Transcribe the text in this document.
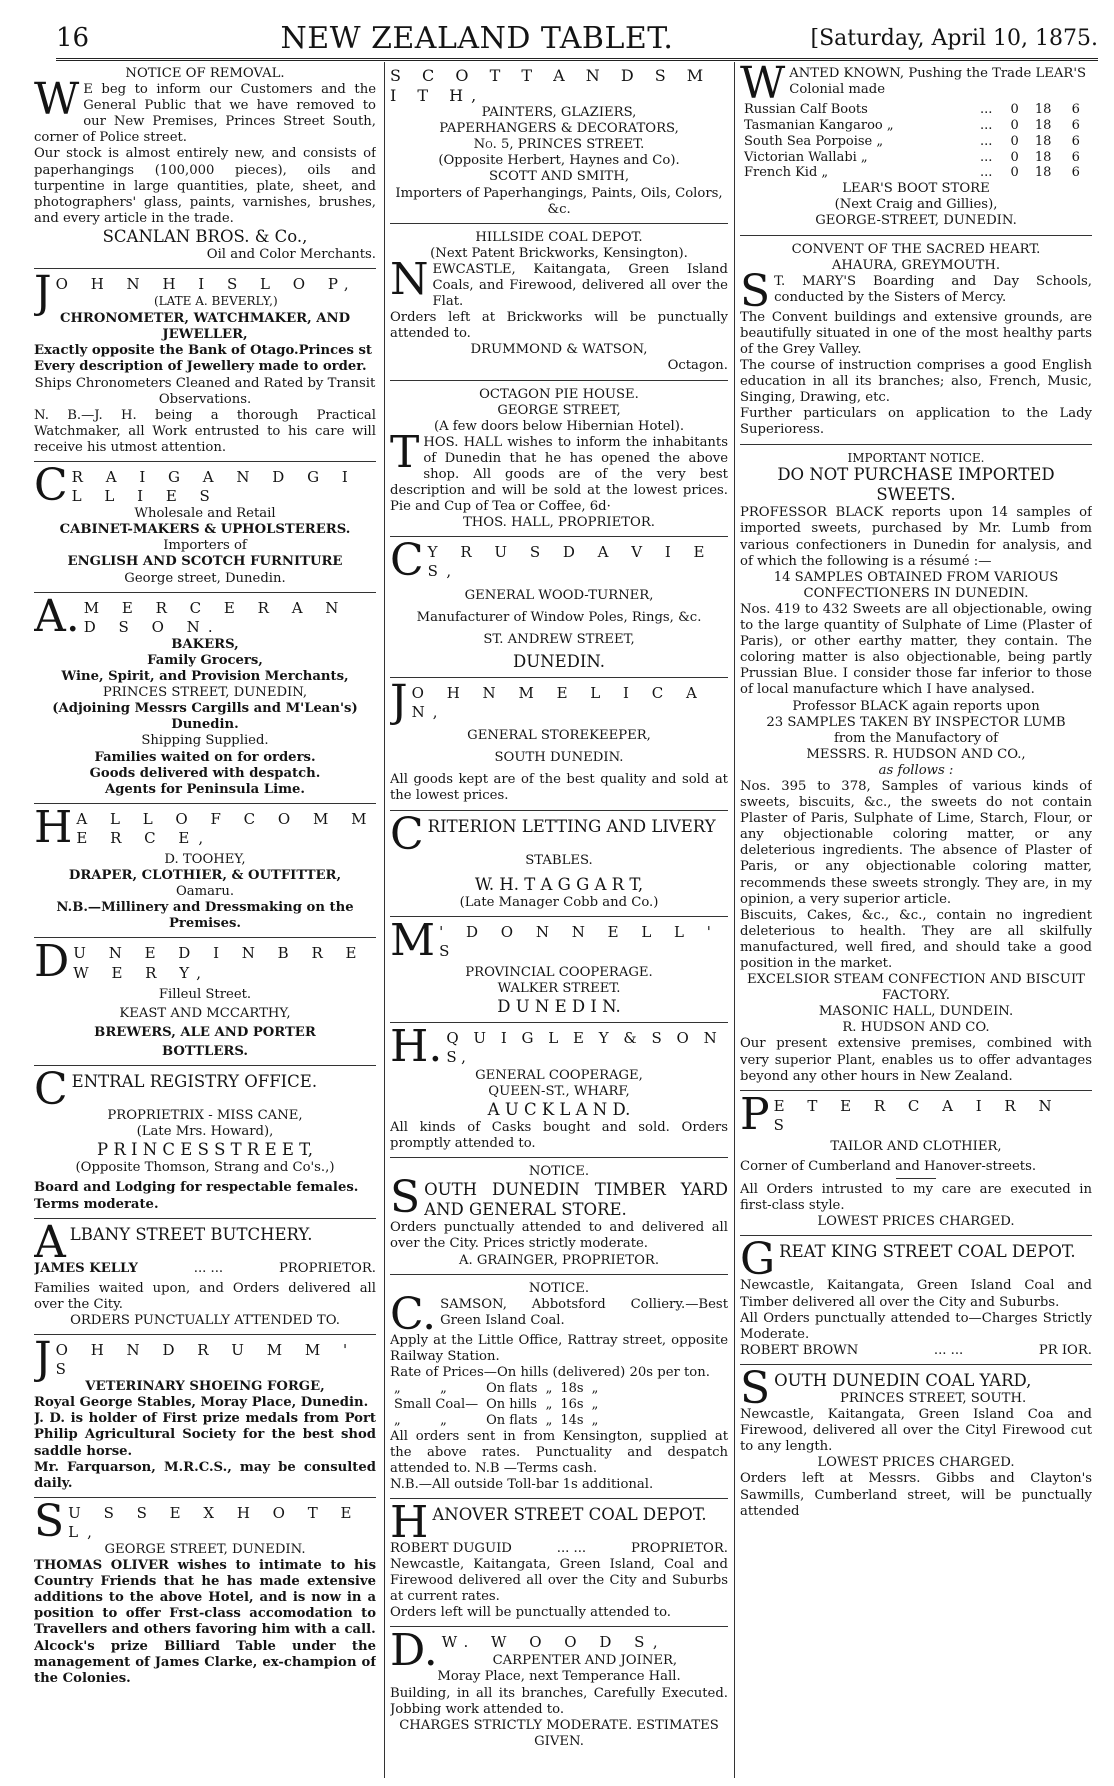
16	NEW ZEALAND TABLET.	[Saturday, April 10, 1875.
NOTICE OF REMOVAL.
W E beg to inform our Customers and the General Public that we have removed to our New Premises, Princes Street South, corner of Police street.
Our stock is almost entirely new, and consists of paperhangings (100,000 pieces), oils and turpentine in large quantities, plate, sheet, and photographers' glass, paints, varnishes, brushes, and every article in the trade.
SCANLAN BROS. & Co.,
Oil and Color Merchants.
J O H N H I S L O P,
(LATE A. BEVERLY,)
CHRONOMETER, WATCHMAKER, AND JEWELLER,
Exactly opposite the Bank of Otago.Princes st
Every description of Jewellery made to order.
Ships Chronometers Cleaned and Rated by Transit Observations.
N. B.—J. H. being a thorough Practical Watchmaker, all Work entrusted to his care will receive his utmost attention.
C R A I G A N D G I L L I E S
Wholesale and Retail
CABINET-MAKERS & UPHOLSTERERS.
Importers of
ENGLISH AND SCOTCH FURNITURE
George street, Dunedin.
A. M E R C E R A N D S O N.
BAKERS,
Family Grocers,
Wine, Spirit, and Provision Merchants,
PRINCES STREET, DUNEDIN,
(Adjoining Messrs Cargills and M'Lean's) Dunedin.
Shipping Supplied.
Families waited on for orders.
Goods delivered with despatch.
Agents for Peninsula Lime.
H A L L O F C O M M E R C E,
D. TOOHEY,
DRAPER, CLOTHIER, & OUTFITTER,
Oamaru.
N.B.—Millinery and Dressmaking on the Premises.
D U N E D I N B R E W E R Y,
Filleul Street.
KEAST AND MCCARTHY,
BREWERS, ALE AND PORTER
BOTTLERS.
CENTRAL REGISTRY OFFICE.
PROPRIETRIX - MISS CANE,
(Late Mrs. Howard),
P R I N C E S S T R E E T,
(Opposite Thomson, Strang and Co's.,)
Board and Lodging for respectable females. Terms moderate.
ALBANY STREET BUTCHERY.
JAMES KELLY	... ...	PROPRIETOR.
Families waited upon, and Orders delivered all over the City.
ORDERS PUNCTUALLY ATTENDED TO.
J O H N D R U M M ' S
VETERINARY SHOEING FORGE,
Royal George Stables, Moray Place, Dunedin.
J. D. is holder of First prize medals from Port Philip Agricultural Society for the best shod saddle horse.
Mr. Farquarson, M.R.C.S., may be consulted daily.
S U S S E X H O T E L,
GEORGE STREET, DUNEDIN.
THOMAS OLIVER wishes to intimate to his Country Friends that he has made extensive additions to the above Hotel, and is now in a position to offer Frst-class accomodation to Travellers and others favoring him with a call.
Alcock's prize Billiard Table under the management of James Clarke, ex-champion of the Colonies.
S C O T T A N D S M I T H,
PAINTERS, GLAZIERS,
PAPERHANGERS & DECORATORS,
No. 5, PRINCES STREET.
(Opposite Herbert, Haynes and Co).
SCOTT AND SMITH,
Importers of Paperhangings, Paints, Oils, Colors, &c.
HILLSIDE COAL DEPOT.
(Next Patent Brickworks, Kensington).
NEWCASTLE, Kaitangata, Green Island Coals, and Firewood, delivered all over the Flat.
Orders left at Brickworks will be punctually attended to.
DRUMMOND & WATSON,
Octagon.
OCTAGON PIE HOUSE.
GEORGE STREET,
(A few doors below Hibernian Hotel).
THOS. HALL wishes to inform the inhabitants of Dunedin that he has opened the above shop. All goods are of the very best description and will be sold at the lowest prices. Pie and Cup of Tea or Coffee, 6d·
THOS. HALL, PROPRIETOR.
C Y R U S D A V I E S,
GENERAL WOOD-TURNER,
Manufacturer of Window Poles, Rings, &c.
ST. ANDREW STREET,
DUNEDIN.
J O H N M E L I C A N,
GENERAL STOREKEEPER,
SOUTH DUNEDIN.
All goods kept are of the best quality and sold at the lowest prices.
CRITERION LETTING AND LIVERY
STABLES.
W. H. T A G G A R T,
(Late Manager Cobb and Co.)
M ' D O N N E L L ' S
PROVINCIAL COOPERAGE.
WALKER STREET.
D U N E D I N.
H. Q U I G L E Y & S O N S,
GENERAL COOPERAGE,
QUEEN-ST., WHARF,
A U C K L A N D.
All kinds of Casks bought and sold. Orders promptly attended to.
NOTICE.
SOUTH DUNEDIN TIMBER YARD AND GENERAL STORE.
Orders punctually attended to and delivered all over the City. Prices strictly moderate.
A. GRAINGER, PROPRIETOR.
NOTICE.
C. SAMSON, Abbotsford Colliery.—Best Green Island Coal.
Apply at the Little Office, Rattray street, opposite Railway Station.
Rate of Prices—On hills (delivered) 20s per ton.
„	„	On flats	„	18s	„
Small Coal—		On hills	„	16s	„
„	„	On flats	„	14s	„
All orders sent in from Kensington, supplied at the above rates. Punctuality and despatch attended to. N.B —Terms cash.
N.B.—All outside Toll-bar 1s additional.
HANOVER STREET COAL DEPOT.
ROBERT DUGUID	... ...	PROPRIETOR.
Newcastle, Kaitangata, Green Island, Coal and Firewood delivered all over the City and Suburbs at current rates.
Orders left will be punctually attended to.
D. W. W O O D S,
CARPENTER AND JOINER,
Moray Place, next Temperance Hall.
Building, in all its branches, Carefully Executed. Jobbing work attended to.
CHARGES STRICTLY MODERATE. ESTIMATES GIVEN.
WANTED KNOWN, Pushing the Trade LEAR'S Colonial made
Russian Calf Boots	...	0	18	6
Tasmanian Kangaroo „	...	0	18	6
South Sea Porpoise „	...	0	18	6
Victorian Wallabi „	...	0	18	6
French Kid „	...	0	18	6
LEAR'S BOOT STORE
(Next Craig and Gillies),
GEORGE-STREET, DUNEDIN.
CONVENT OF THE SACRED HEART.
AHAURA, GREYMOUTH.
S T. MARY'S Boarding and Day Schools, conducted by the Sisters of Mercy.
The Convent buildings and extensive grounds, are beautifully situated in one of the most healthy parts of the Grey Valley.
The course of instruction comprises a good English education in all its branches; also, French, Music, Singing, Drawing, etc.
Further particulars on application to the Lady Superioress.
IMPORTANT NOTICE.
DO NOT PURCHASE IMPORTED SWEETS.
PROFESSOR BLACK reports upon 14 samples of imported sweets, purchased by Mr. Lumb from various confectioners in Dunedin for analysis, and of which the following is a résumé :—
14 SAMPLES OBTAINED FROM VARIOUS CONFECTIONERS IN DUNEDIN.
Nos. 419 to 432 Sweets are all objectionable, owing to the large quantity of Sulphate of Lime (Plaster of Paris), or other earthy matter, they contain. The coloring matter is also objectionable, being partly Prussian Blue. I consider those far inferior to those of local manufacture which I have analysed.
Professor BLACK again reports upon
23 SAMPLES TAKEN BY INSPECTOR LUMB
from the Manufactory of
MESSRS. R. HUDSON AND CO.,
as follows :
Nos. 395 to 378, Samples of various kinds of sweets, biscuits, &c., the sweets do not contain Plaster of Paris, Sulphate of Lime, Starch, Flour, or any objectionable coloring matter, or any deleterious ingredients. The absence of Plaster of Paris, or any objectionable coloring matter, recommends these sweets strongly. They are, in my opinion, a very superior article.
Biscuits, Cakes, &c., &c., contain no ingredient deleterious to health. They are all skilfully manufactured, well fired, and should take a good position in the market.
EXCELSIOR STEAM CONFECTION AND BISCUIT FACTORY.
MASONIC HALL, DUNDEIN.
R. HUDSON AND CO.
Our present extensive premises, combined with very superior Plant, enables us to offer advantages beyond any other hours in New Zealand.
P E T E R C A I R N S
TAILOR AND CLOTHIER,
Corner of Cumberland and Hanover-streets.
All Orders intrusted to my care are executed in first-class style.
LOWEST PRICES CHARGED.
GREAT KING STREET COAL DEPOT.
Newcastle, Kaitangata, Green Island Coal and Timber delivered all over the City and Suburbs.
All Orders punctually attended to—Charges Strictly Moderate.
ROBERT BROWN	... ...	PR IOR.
SOUTH DUNEDIN COAL YARD,
PRINCES STREET, SOUTH.
Newcastle, Kaitangata, Green Island Coa and Firewood, delivered all over the Cityl Firewood cut to any length.
LOWEST PRICES CHARGED.
Orders left at Messrs. Gibbs and Clayton's Sawmills, Cumberland street, will be punctually attended
